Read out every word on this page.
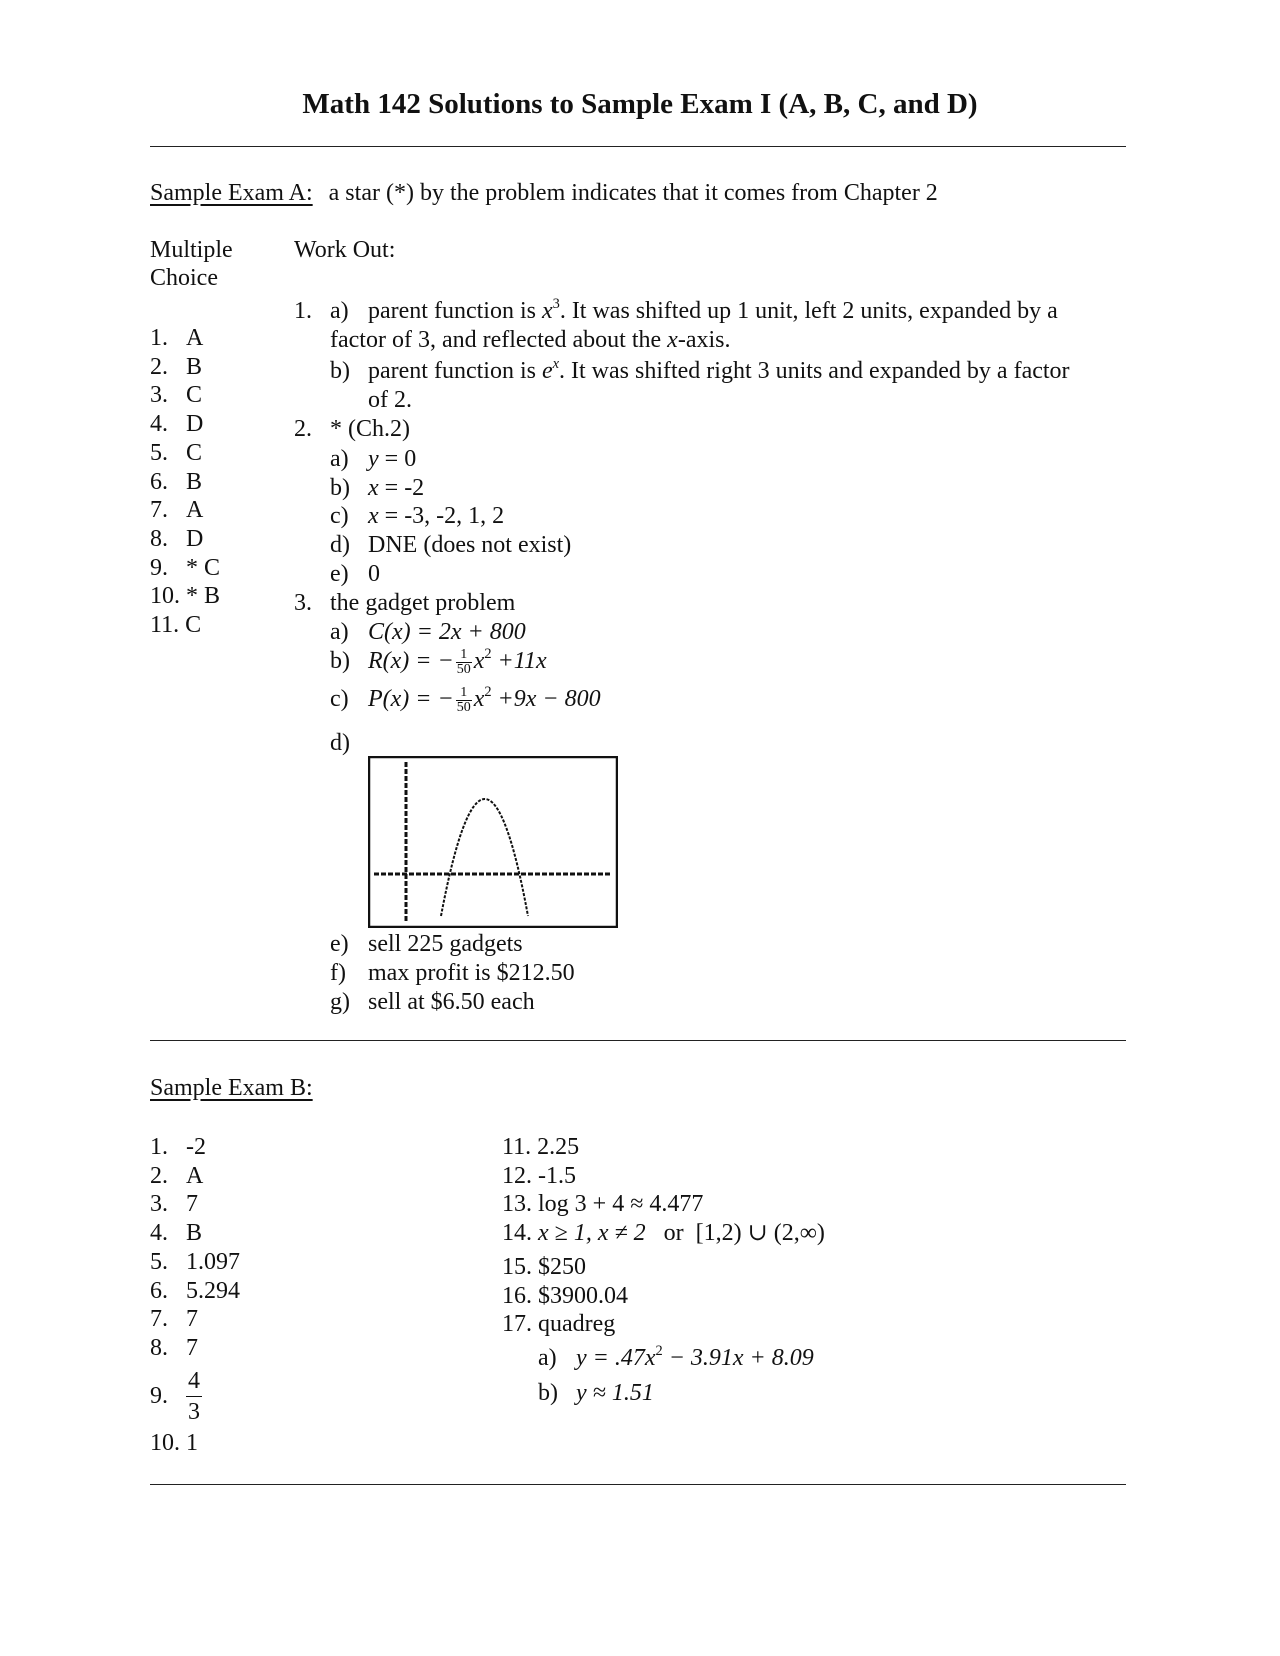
Math 142 Solutions to Sample Exam I (A, B, C, and D)
Sample Exam A: a star (*) by the problem indicates that it comes from Chapter 2
Multiple
Choice
Work Out:
1. A
2. B
3. C
4. D
5. C
6. B
7. A
8. D
9. * C
10. * B
11. C
1. a) parent function is $x^3$. It was shifted up 1 unit, left 2 units, expanded by a
factor of 3, and reflected about the x-axis.
b) parent function is $e^x$. It was shifted right 3 units and expanded by a factor
of 2.
2. * (Ch.2)
a) y = 0
b) x = -2
c) x = -3, -2, 1, 2
d) DNE (does not exist)
e) 0
3. the gadget problem
a) C(x) = 2x + 800
b) R(x) = − $\frac{1}{50} x^2 +11x$
c) P(x) = − $\frac{1}{50} x^2 +9x - 800$
d)
e) sell 225 gadgets
f) max profit is $212.50
g) sell at $6.50 each
Sample Exam B:
1. -2
2. A
3. 7
4. B
5. 1.097
6. 5.294
7. 7
8. 7
9. $\frac{4}{3}$
10. 1
11. 2.25
12. -1.5
13. log 3 + 4 ≈ 4.477
14. x ≥ 1, x ≠ 2 or [1,2) ∪ (2,∞)
15. $250
16. $3900.04
17. quadreg
a) $y = .47x^2 - 3.91x + 8.09$
b) y ≈ 1.51
